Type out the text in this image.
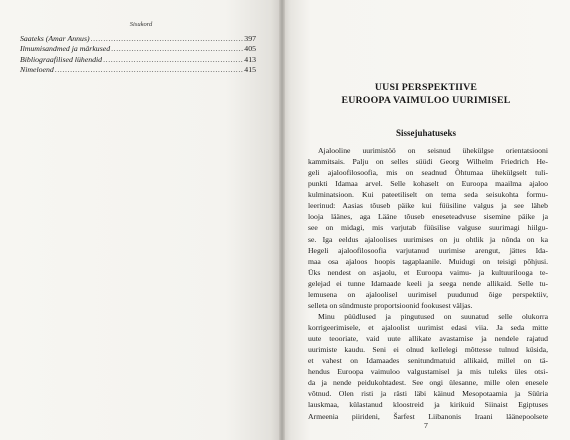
Sisukord
Saateks (Amar Annus) .....	397
Ilmumisandmed ja märkused .....	405
Bibliograafilised lühendid .....	413
Nimeloend .....	415
UUSI PERSPEKTIIVE
EUROOPA VAIMULOO UURIMISEL
Sissejuhatuseks
Ajalooline uurimistöö on seisnud ühekülgse orientatsiooni
kammitsais. Palju on selles süüdi Georg Wilhelm Friedrich He-
geli ajaloofilosoofia, mis on seadnud Õhtumaa ühekülgselt tuli-
punkti Idamaa arvel. Selle kohaselt on Euroopa maailma ajaloo
kulminatsioon. Kui pateetiliselt on tema seda seisukohta formu-
leerinud: Aasias tõuseb päike kui füüsiline valgus ja see läheb
looja läänes, aga Lääne tõuseb eneseteadvuse sisemine päike ja
see on midagi, mis varjutab füüsilise valguse suurimagi hiilgu-
se. Iga eeldus ajaloolises uurimises on ju ohtlik ja nõnda on ka
Hegeli ajaloofilosoofia varjutanud uurimise arengut, jättes Ida-
maa osa ajaloos hoopis tagaplaanile. Muidugi on teisigi põhjusi.
Üks nendest on asjaolu, et Euroopa vaimu- ja kultuurilooga te-
gelejad ei tunne Idamaade keeli ja seega nende allikaid. Selle tu-
lemusena on ajaloolisel uurimisel puudunud õige perspektiiv,
selleta on sündmuste proportsioonid fookusest väljas.
Minu püüdlused ja pingutused on suunatud selle olukorra
korrigeerimisele, et ajaloolist uurimist edasi viia. Ja seda mitte
uute teooriate, vaid uute allikate avastamise ja nendele rajatud
uurimiste kaudu. Seni ei olnud kellelegi mõttesse tulnud küsida,
et vahest on Idamaades senitundmatuid allikaid, millel on tä-
hendus Euroopa vaimuloo valgustamisel ja mis tuleks üles otsi-
da ja nende peidukohtadest. See ongi ülesanne, mille olen enesele
võtnud. Olen risti ja rästi läbi käinud Mesopotaamia ja Süüria
lauskmaa, külastanud kloostreid ja kirikuid Siinaist Egiptuses
Armeenia piirideni, Šarfest Liibanonis Iraani läänepoolsete
7
